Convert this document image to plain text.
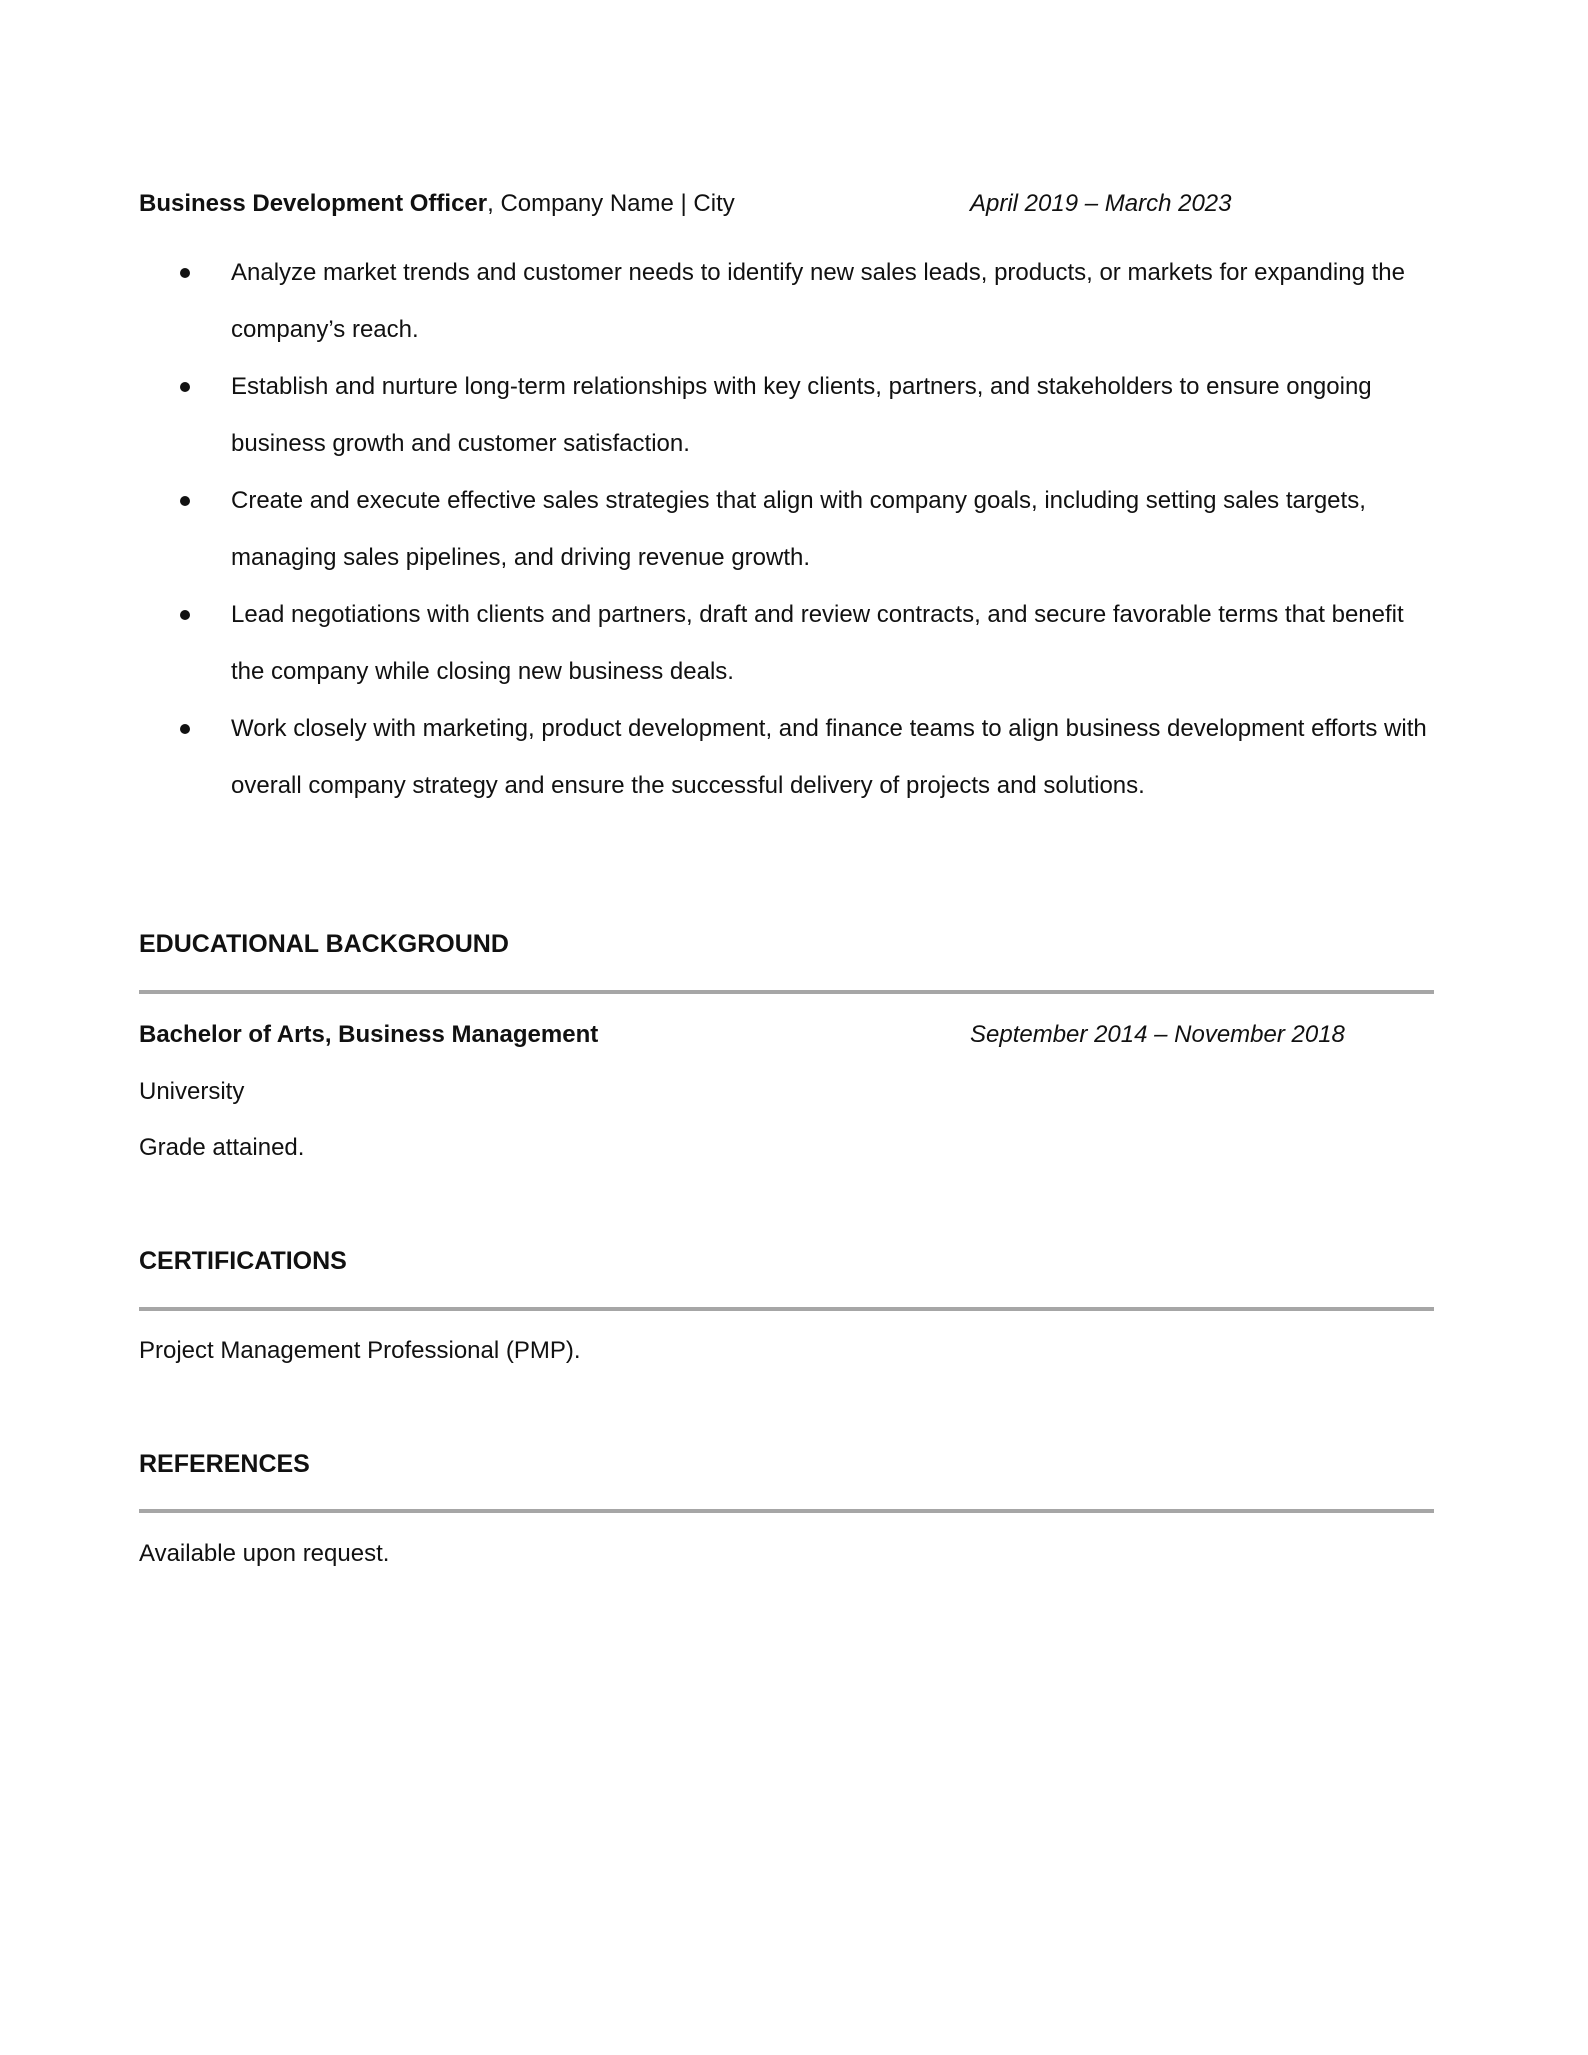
Business Development Officer, Company Name | City	April 2019 – March 2023
Analyze market trends and customer needs to identify new sales leads, products, or markets for expanding the company’s reach.
Establish and nurture long-term relationships with key clients, partners, and stakeholders to ensure ongoing business growth and customer satisfaction.
Create and execute effective sales strategies that align with company goals, including setting sales targets, managing sales pipelines, and driving revenue growth.
Lead negotiations with clients and partners, draft and review contracts, and secure favorable terms that benefit the company while closing new business deals.
Work closely with marketing, product development, and finance teams to align business development efforts with overall company strategy and ensure the successful delivery of projects and solutions.
EDUCATIONAL BACKGROUND
Bachelor of Arts, Business Management	September 2014 – November 2018
University
Grade attained.
CERTIFICATIONS
Project Management Professional (PMP).
REFERENCES
Available upon request.
